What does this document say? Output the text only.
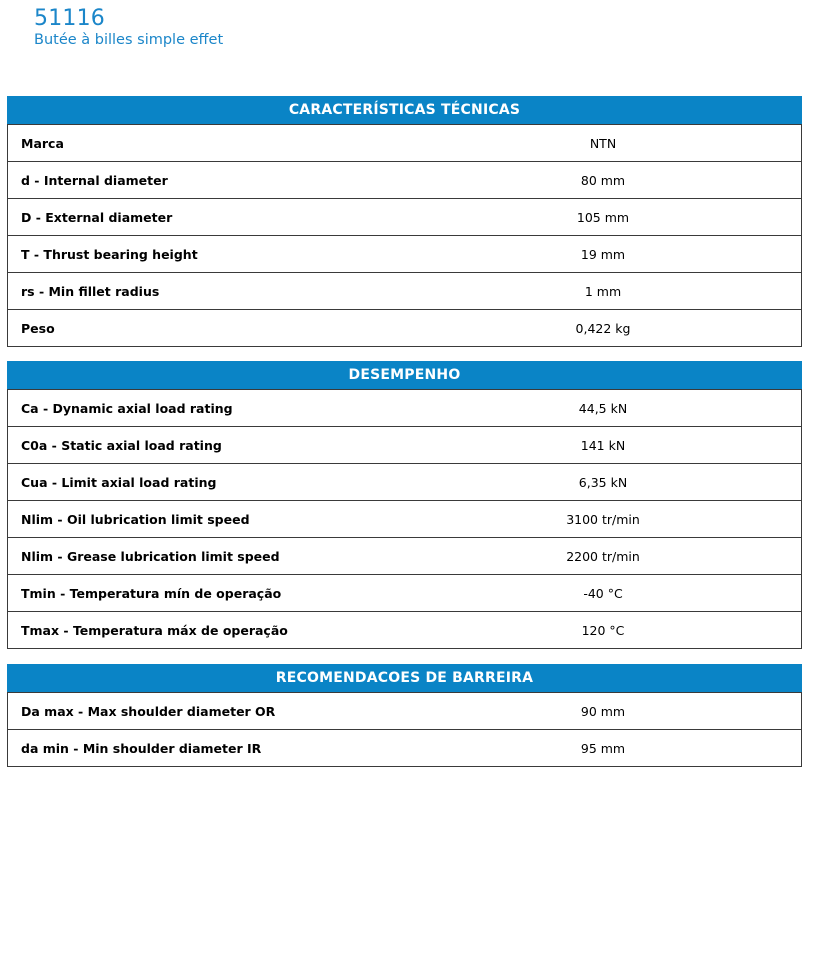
51116
Butée à billes simple effet
CARACTERÍSTICAS TÉCNICAS
Marca	NTN
d - Internal diameter	80 mm
D - External diameter	105 mm
T - Thrust bearing height	19 mm
rs - Min fillet radius	1 mm
Peso	0,422 kg
DESEMPENHO
Ca - Dynamic axial load rating	44,5 kN
C0a - Static axial load rating	141 kN
Cua - Limit axial load rating	6,35 kN
Nlim - Oil lubrication limit speed	3100 tr/min
Nlim - Grease lubrication limit speed	2200 tr/min
Tmin - Temperatura mín de operação	-40 °C
Tmax - Temperatura máx de operação	120 °C
RECOMENDACOES DE BARREIRA
Da max - Max shoulder diameter OR	90 mm
da min - Min shoulder diameter IR	95 mm
